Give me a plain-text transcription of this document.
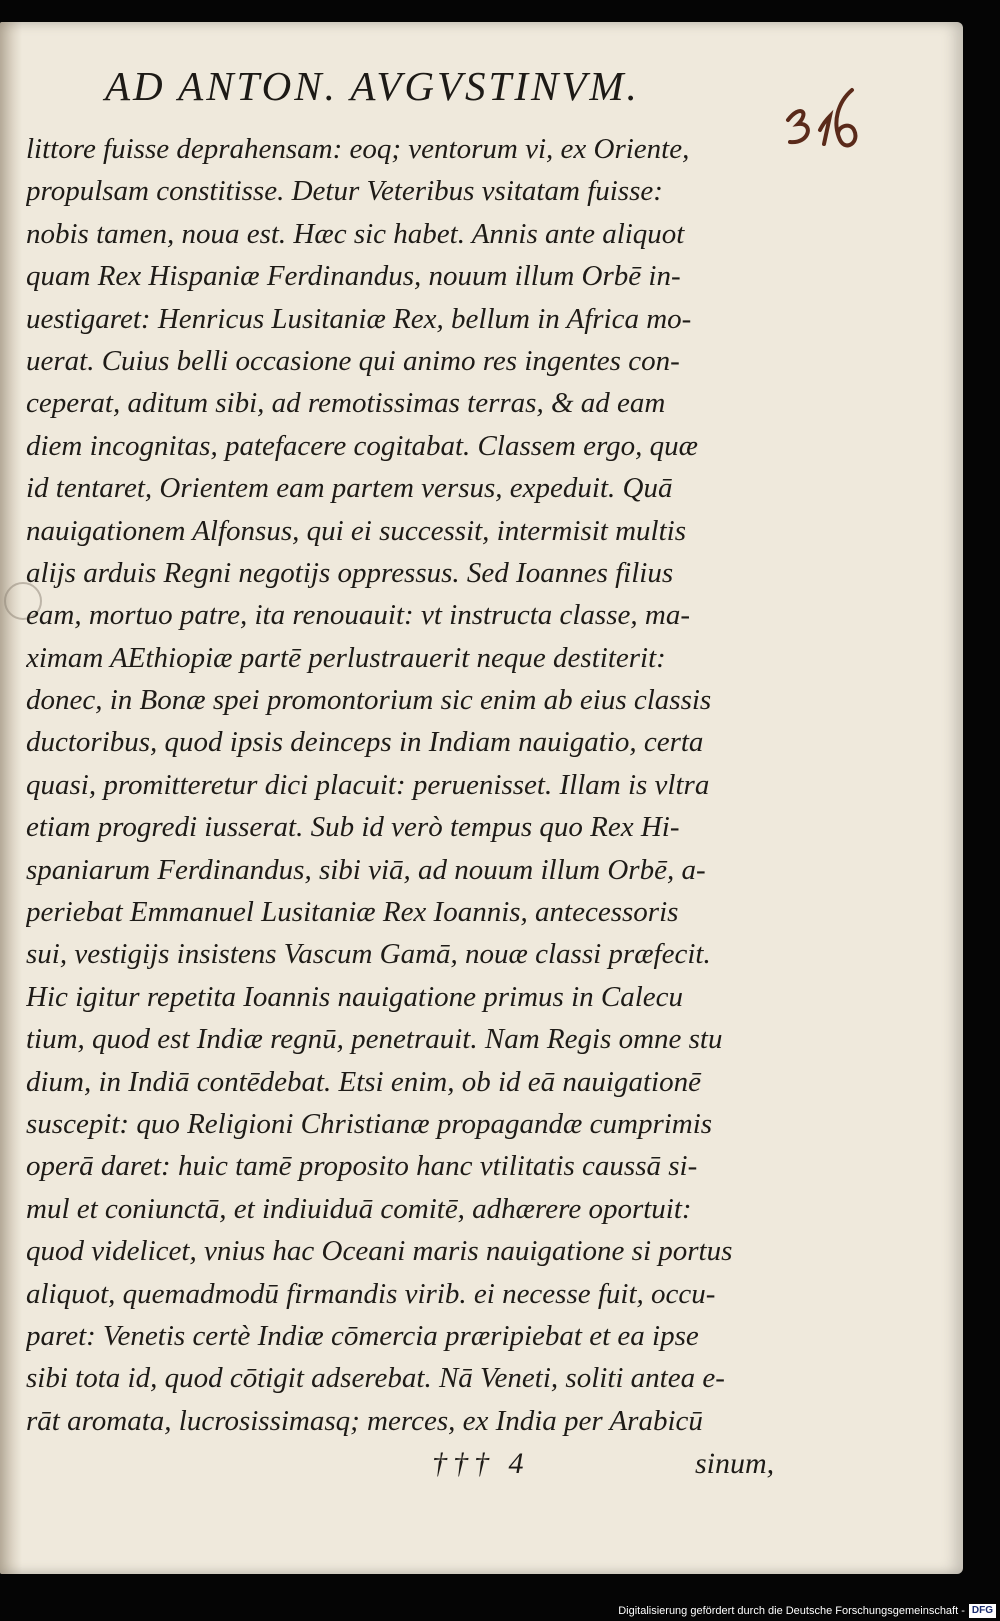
AD ANTON. AVGVSTINVM.
littore fuisse deprahensam: eoq; ventorum vi, ex Oriente,
propulsam constitisse. Detur Veteribus vsitatam fuisse:
nobis tamen, noua est. Hæc sic habet. Annis ante aliquot
quam Rex Hispaniæ Ferdinandus, nouum illum Orbē in-
uestigaret: Henricus Lusitaniæ Rex, bellum in Africa mo-
uerat. Cuius belli occasione qui animo res ingentes con-
ceperat, aditum sibi, ad remotissimas terras, & ad eam
diem incognitas, patefacere cogitabat. Classem ergo, quæ
id tentaret, Orientem eam partem versus, expeduit. Quā
nauigationem Alfonsus, qui ei successit, intermisit multis
alijs arduis Regni negotijs oppressus. Sed Ioannes filius
eam, mortuo patre, ita renouauit: vt instructa classe, ma-
ximam AEthiopiæ partē perlustrauerit neque destiterit:
donec, in Bonæ spei promontorium sic enim ab eius classis
ductoribus, quod ipsis deinceps in Indiam nauigatio, certa
quasi, promitteretur dici placuit: peruenisset. Illam is vltra
etiam progredi iusserat. Sub id verò tempus quo Rex Hi-
spaniarum Ferdinandus, sibi viā, ad nouum illum Orbē, a-
periebat Emmanuel Lusitaniæ Rex Ioannis, antecessoris
sui, vestigijs insistens Vascum Gamā, nouæ classi præfecit.
Hic igitur repetita Ioannis nauigatione primus in Calecu
tium, quod est Indiæ regnū, penetrauit. Nam Regis omne stu
dium, in Indiā contēdebat. Etsi enim, ob id eā nauigationē
suscepit: quo Religioni Christianæ propagandæ cumprimis
operā daret: huic tamē proposito hanc vtilitatis caussā si-
mul et coniunctā, et indiuiduā comitē, adhærere oportuit:
quod videlicet, vnius hac Oceani maris nauigatione si portus
aliquot, quemadmodū firmandis virib. ei necesse fuit, occu-
paret: Venetis certè Indiæ cōmercia præripiebat et ea ipse
sibi tota id, quod cōtigit adserebat. Nā Veneti, soliti antea e-
rāt aromata, lucrosissimasq; merces, ex India per Arabicū
††† 4	sinum,
Digitalisierung gefördert durch die Deutsche Forschungsgemeinschaft - DFG
